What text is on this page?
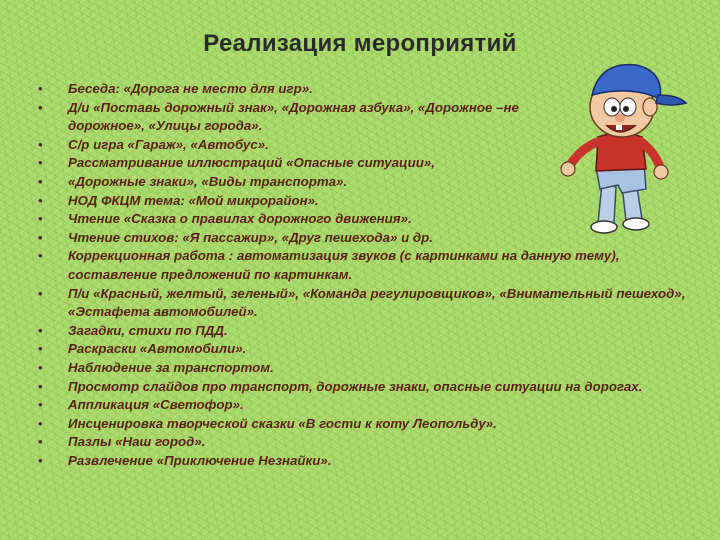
Реализация мероприятий
• Беседа: «Дорога не место для игр».
• Д/и «Поставь дорожный знак», «Дорожная азбука», «Дорожное –не дорожное», «Улицы города».
• С/р игра «Гараж», «Автобус».
• Рассматривание иллюстраций «Опасные ситуации»,
• «Дорожные знаки», «Виды транспорта».
• НОД ФКЦМ тема: «Мой микрорайон».
• Чтение «Сказка о правилах дорожного движения».
• Чтение стихов: «Я пассажир», «Друг пешехода» и др.
• Коррекционная работа : автоматизация звуков (с картинками на данную тему), составление предложений по картинкам.
• П/и «Красный, желтый, зеленый», «Команда регулировщиков», «Внимательный пешеход», «Эстафета автомобилей».
• Загадки, стихи по ПДД.
• Раскраски «Автомобили».
• Наблюдение за транспортом.
• Просмотр слайдов про транспорт, дорожные знаки, опасные ситуации на дорогах.
• Аппликация «Светофор».
• Инсценировка творческой сказки «В гости к коту Леопольду».
• Пазлы «Наш город».
• Развлечение «Приключение Незнайки».
